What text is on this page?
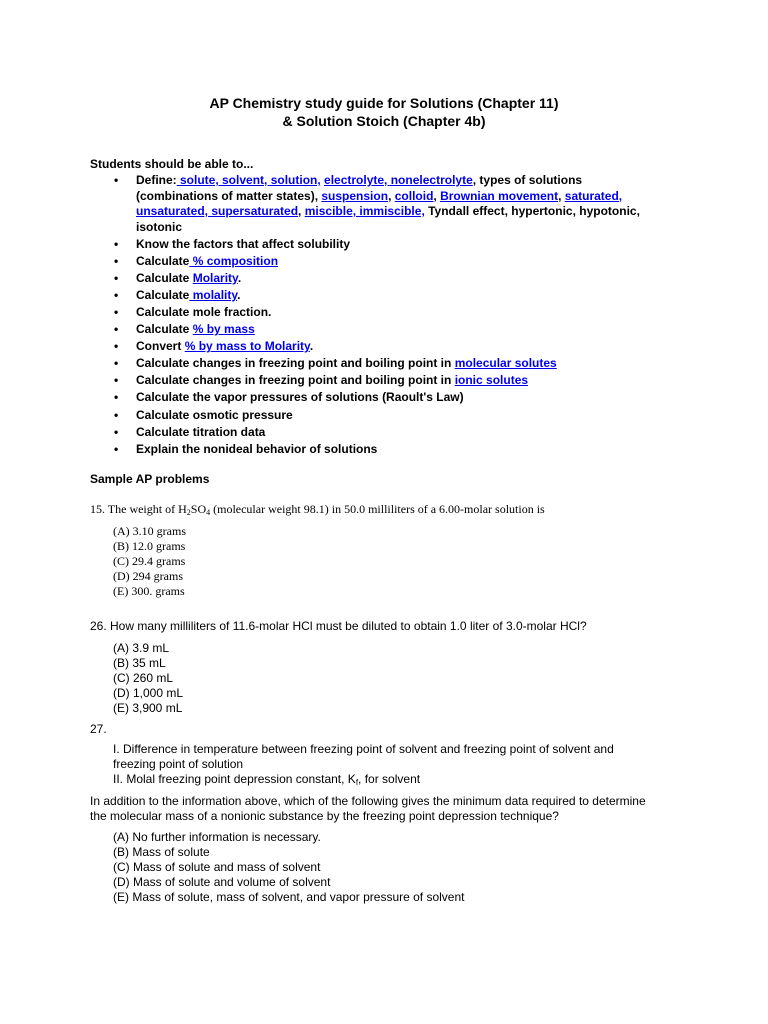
AP Chemistry study guide for Solutions (Chapter 11)
& Solution Stoich (Chapter 4b)
Students should be able to...
• Define: solute, solvent, solution, electrolyte, nonelectrolyte, types of solutions
(combinations of matter states), suspension, colloid, Brownian movement, saturated,
unsaturated, supersaturated, miscible, immiscible, Tyndall effect, hypertonic, hypotonic,
isotonic
• Know the factors that affect solubility
• Calculate % composition
• Calculate Molarity.
• Calculate molality.
• Calculate mole fraction.
• Calculate % by mass
• Convert % by mass to Molarity.
• Calculate changes in freezing point and boiling point in molecular solutes
• Calculate changes in freezing point and boiling point in ionic solutes
• Calculate the vapor pressures of solutions (Raoult's Law)
• Calculate osmotic pressure
• Calculate titration data
• Explain the nonideal behavior of solutions
Sample AP problems
15. The weight of $H_2SO_4$ (molecular weight 98.1) in 50.0 milliliters of a 6.00-molar solution is
(A) 3.10 grams
(B) 12.0 grams
(C) 29.4 grams
(D) 294 grams
(E) 300. grams
26. How many milliliters of 11.6-molar HCl must be diluted to obtain 1.0 liter of 3.0-molar HCl?
(A) 3.9 mL
(B) 35 mL
(C) 260 mL
(D) 1,000 mL
(E) 3,900 mL
27.
I. Difference in temperature between freezing point of solvent and freezing point of solvent and
freezing point of solution
II. Molal freezing point depression constant, $K_f$, for solvent
In addition to the information above, which of the following gives the minimum data required to determine
the molecular mass of a nonionic substance by the freezing point depression technique?
(A) No further information is necessary.
(B) Mass of solute
(C) Mass of solute and mass of solvent
(D) Mass of solute and volume of solvent
(E) Mass of solute, mass of solvent, and vapor pressure of solvent
